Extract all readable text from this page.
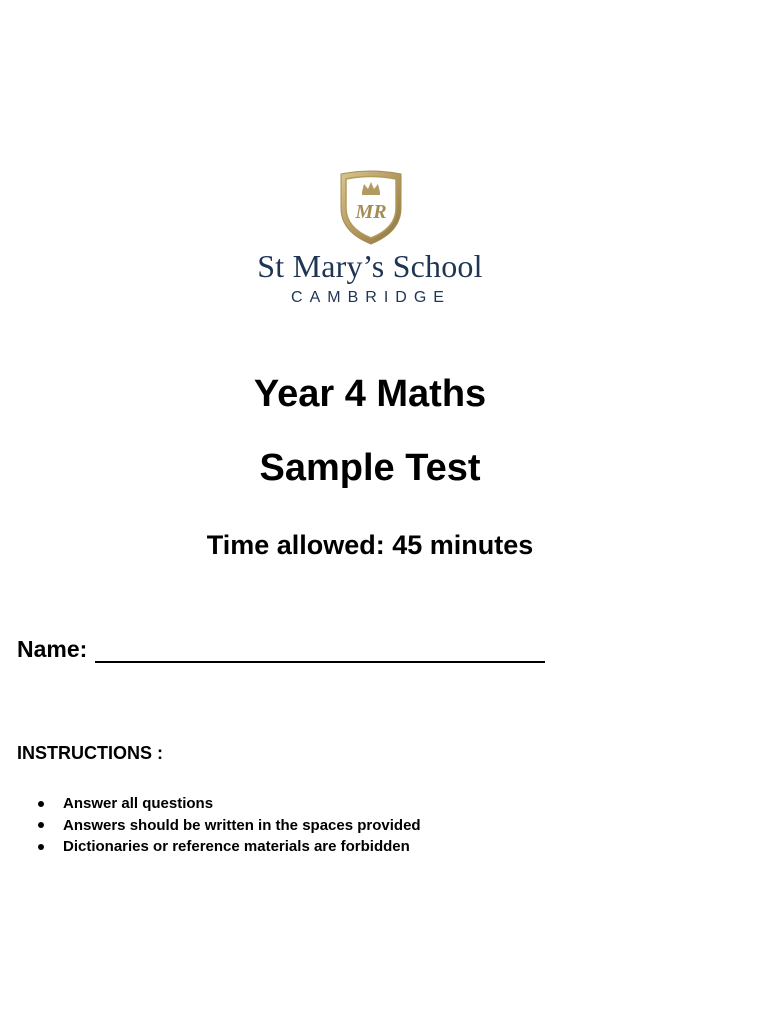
MR
St Mary’s School
CAMBRIDGE
Year 4 Maths
Sample Test
Time allowed: 45 minutes
Name:
INSTRUCTIONS :
Answer all questions
Answers should be written in the spaces provided
Dictionaries or reference materials are forbidden
